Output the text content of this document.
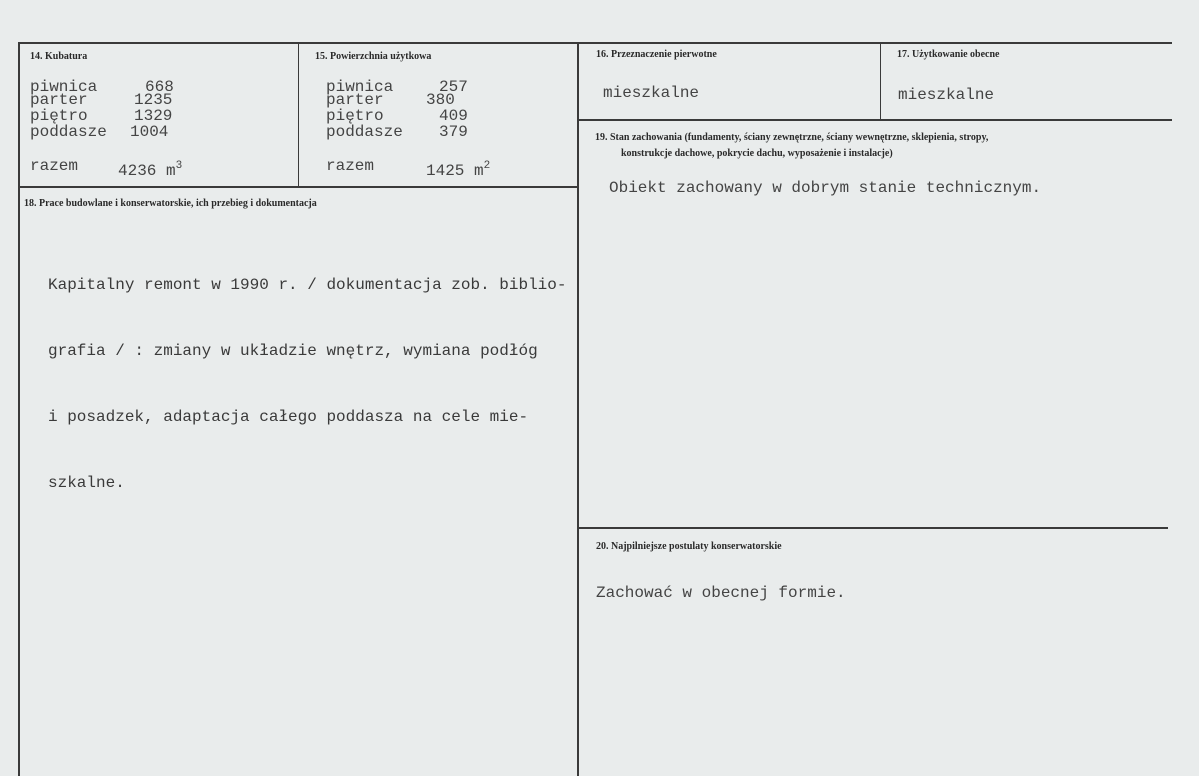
14. Kubatura
piwnica	668
parter	1235
piętro	1329
poddasze 1004
razem 4236 $m^3$
15. Powierzchnia użytkowa
piwnica	257
parter	380
piętro	409
poddasze 379
razem	1425 $m^2$
16. Przeznaczenie pierwotne
mieszkalne
17. Użytkowanie obecne
mieszkalne
18. Prace budowlane i konserwatorskie, ich przebieg i dokumentacja

Kapitalny remont w 1990 r. / dokumentacja zob. biblio-

grafia / : zmiany w układzie wnętrz, wymiana podłóg

i posadzek, adaptacja całego poddasza na cele mie-

szkalne.

19. Stan zachowania (fundamenty, ściany zewnętrzne, ściany wewnętrzne, sklepienia, stropy,
konstrukcje dachowe, pokrycie dachu, wyposażenie i instalacje)
Obiekt zachowany w dobrym stanie technicznym.
20. Najpilniejsze postulaty konserwatorskie
Zachować w obecnej formie.
